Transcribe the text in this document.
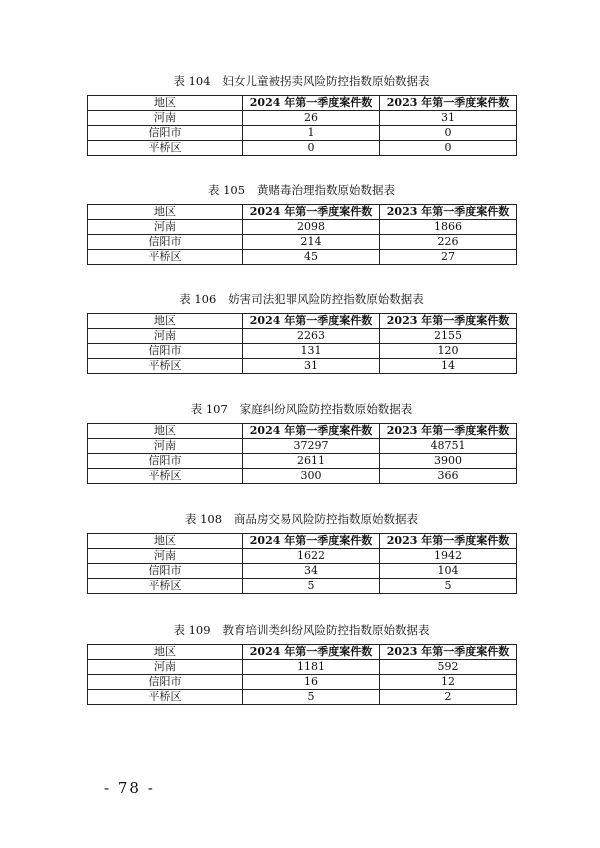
表 104 妇女儿童被拐卖风险防控指数原始数据表
地区	2024 年第一季度案件数	2023 年第一季度案件数
河南	26	31
信阳市	1	0
平桥区	0	0
表 105 黄赌毒治理指数原始数据表
地区	2024 年第一季度案件数	2023 年第一季度案件数
河南	2098	1866
信阳市	214	226
平桥区	45	27
表 106 妨害司法犯罪风险防控指数原始数据表
地区	2024 年第一季度案件数	2023 年第一季度案件数
河南	2263	2155
信阳市	131	120
平桥区	31	14
表 107 家庭纠纷风险防控指数原始数据表
地区	2024 年第一季度案件数	2023 年第一季度案件数
河南	37297	48751
信阳市	2611	3900
平桥区	300	366
表 108 商品房交易风险防控指数原始数据表
地区	2024 年第一季度案件数	2023 年第一季度案件数
河南	1622	1942
信阳市	34	104
平桥区	5	5
表 109 教育培训类纠纷风险防控指数原始数据表
地区	2024 年第一季度案件数	2023 年第一季度案件数
河南	1181	592
信阳市	16	12
平桥区	5	2
- 78 -
